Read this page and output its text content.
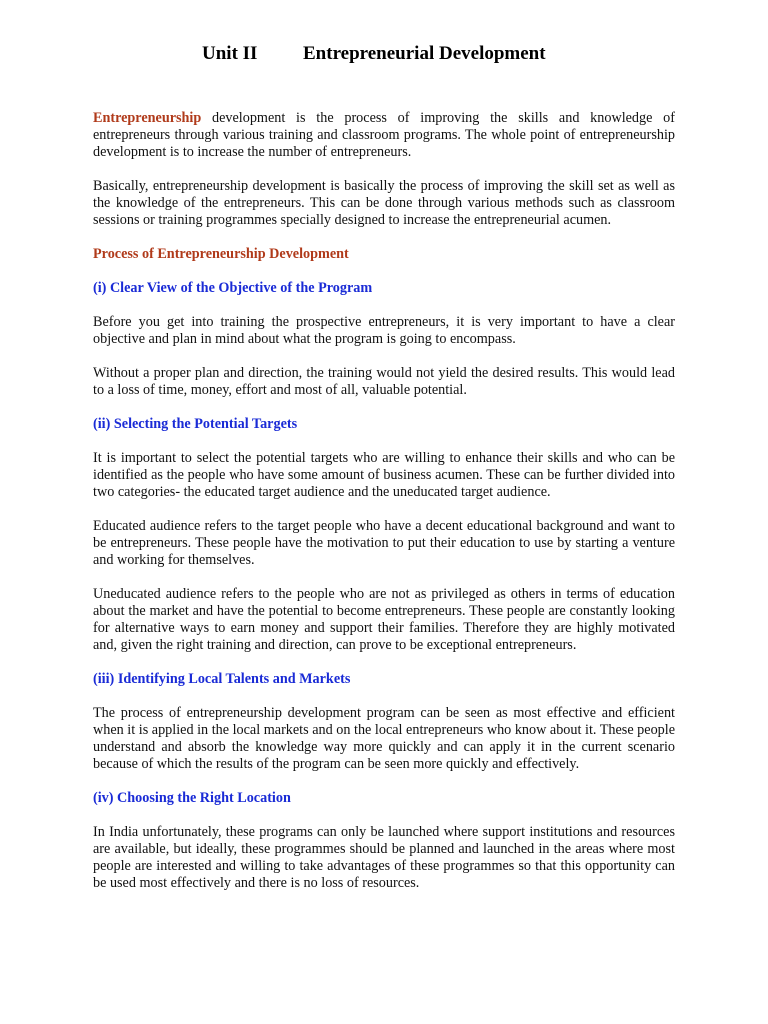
Unit II Entrepreneurial Development

Entrepreneurship development is the process of improving the skills and knowledge of entrepreneurs through various training and classroom programs. The whole point of entrepreneurship development is to increase the number of entrepreneurs.

Basically, entrepreneurship development is basically the process of improving the skill set as well as the knowledge of the entrepreneurs. This can be done through various methods such as classroom sessions or training programmes specially designed to increase the entrepreneurial acumen.

Process of Entrepreneurship Development
(i) Clear View of the Objective of the Program

Before you get into training the prospective entrepreneurs, it is very important to have a clear objective and plan in mind about what the program is going to encompass.

Without a proper plan and direction, the training would not yield the desired results. This would lead to a loss of time, money, effort and most of all, valuable potential.

(ii) Selecting the Potential Targets

It is important to select the potential targets who are willing to enhance their skills and who can be identified as the people who have some amount of business acumen. These can be further divided into two categories- the educated target audience and the uneducated target audience.

Educated audience refers to the target people who have a decent educational background and want to be entrepreneurs. These people have the motivation to put their education to use by starting a venture and working for themselves.

Uneducated audience refers to the people who are not as privileged as others in terms of education about the market and have the potential to become entrepreneurs. These people are constantly looking for alternative ways to earn money and support their families. Therefore they are highly motivated and, given the right training and direction, can prove to be exceptional entrepreneurs.

(iii) Identifying Local Talents and Markets

The process of entrepreneurship development program can be seen as most effective and efficient when it is applied in the local markets and on the local entrepreneurs who know about it. These people understand and absorb the knowledge way more quickly and can apply it in the current scenario because of which the results of the program can be seen more quickly and effectively.

(iv) Choosing the Right Location

In India unfortunately, these programs can only be launched where support institutions and resources are available, but ideally, these programmes should be planned and launched in the areas where most people are interested and willing to take advantages of these programmes so that this opportunity can be used most effectively and there is no loss of resources.
